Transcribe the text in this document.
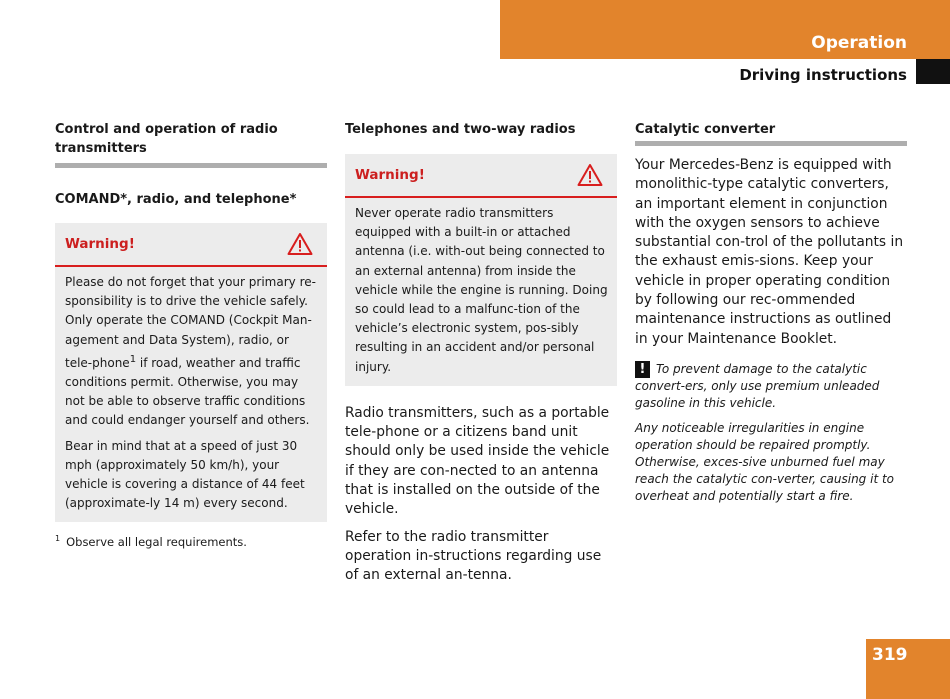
Operation
Driving instructions

Control and operation of radio transmitters

COMAND*, radio, and telephone*

Warning!

Please do not forget that your primary re-sponsibility is to drive the vehicle safely. Only operate the COMAND (Cockpit Man-agement and Data System), radio, or tele-phone$^1$ if road, weather and traffic conditions permit. Otherwise, you may not be able to observe traffic conditions and could endanger yourself and others.

Bear in mind that at a speed of just 30 mph (approximately 50 km/h), your vehicle is covering a distance of 44 feet (approximate-ly 14 m) every second.

$^1$ Observe all legal requirements.

Telephones and two-way radios

Warning!

Never operate radio transmitters equipped with a built-in or attached antenna (i.e. with-out being connected to an external antenna) from inside the vehicle while the engine is running. Doing so could lead to a malfunc-tion of the vehicle’s electronic system, pos-sibly resulting in an accident and/or personal injury.

Radio transmitters, such as a portable tele-phone or a citizens band unit should only be used inside the vehicle if they are con-nected to an antenna that is installed on the outside of the vehicle.

Refer to the radio transmitter operation in-structions regarding use of an external an-tenna.

Catalytic converter

Your Mercedes-Benz is equipped with monolithic-type catalytic converters, an important element in conjunction with the oxygen sensors to achieve substantial con-trol of the pollutants in the exhaust emis-sions. Keep your vehicle in proper operating condition by following our rec-ommended maintenance instructions as outlined in your Maintenance Booklet.

! To prevent damage to the catalytic convert-ers, only use premium unleaded gasoline in this vehicle.

Any noticeable irregularities in engine operation should be repaired promptly. Otherwise, exces-sive unburned fuel may reach the catalytic con-verter, causing it to overheat and potentially start a fire.

319
